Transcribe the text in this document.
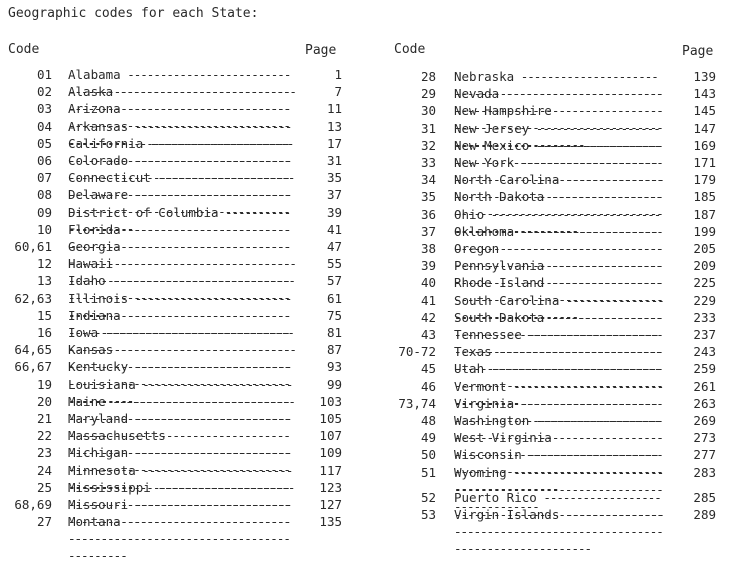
Geographic codes for each State:
Code	Page	Code	Page
01 Alabama -----	1
02 Alaska -----	7
03 Arizona -----	11
04 Arkansas -----	13
05 California -----	17
06 Colorado -----	31
07 Connecticut -----	35
08 Delaware -----	37
09 District of Columbia -----	39
10 Florida -----	41
60,61 Georgia -----	47
12 Hawaii -----	55
13 Idaho -----	57
62,63 Illinois -----	61
15 Indiana -----	75
16 Iowa -----	81
64,65 Kansas -----	87
66,67 Kentucky -----	93
19 Louisiana -----	99
20 Maine -----	103
21 Maryland -----	105
22 Massachusetts -----	107
23 Michigan -----	109
24 Minnesota -----	117
25 Mississippi -----	123
68,69 Missouri -----	127
27 Montana -----	135
28 Nebraska -----	139
29 Nevada -----	143
30 New Hampshire -----	145
31 New Jersey -----	147
32 New Mexico -----	169
33 New York -----	171
34 North Carolina -----	179
35 North Dakota -----	185
36 Ohio -----	187
37 Oklahoma -----	199
38 Oregon -----	205
39 Pennsylvania -----	209
40 Rhode Island -----	225
41 South Carolina -----	229
42 South Dakota -----	233
43 Tennessee -----	237
70-72 Texas -----	243
45 Utah -----	259
46 Vermont -----	261
73,74 Virginia -----	263
48 Washington -----	269
49 West Virginia -----	273
50 Wisconsin -----	277
51 Wyoming -----	283
52 Puerto Rico -----	285
53 Virgin Islands -----	289
